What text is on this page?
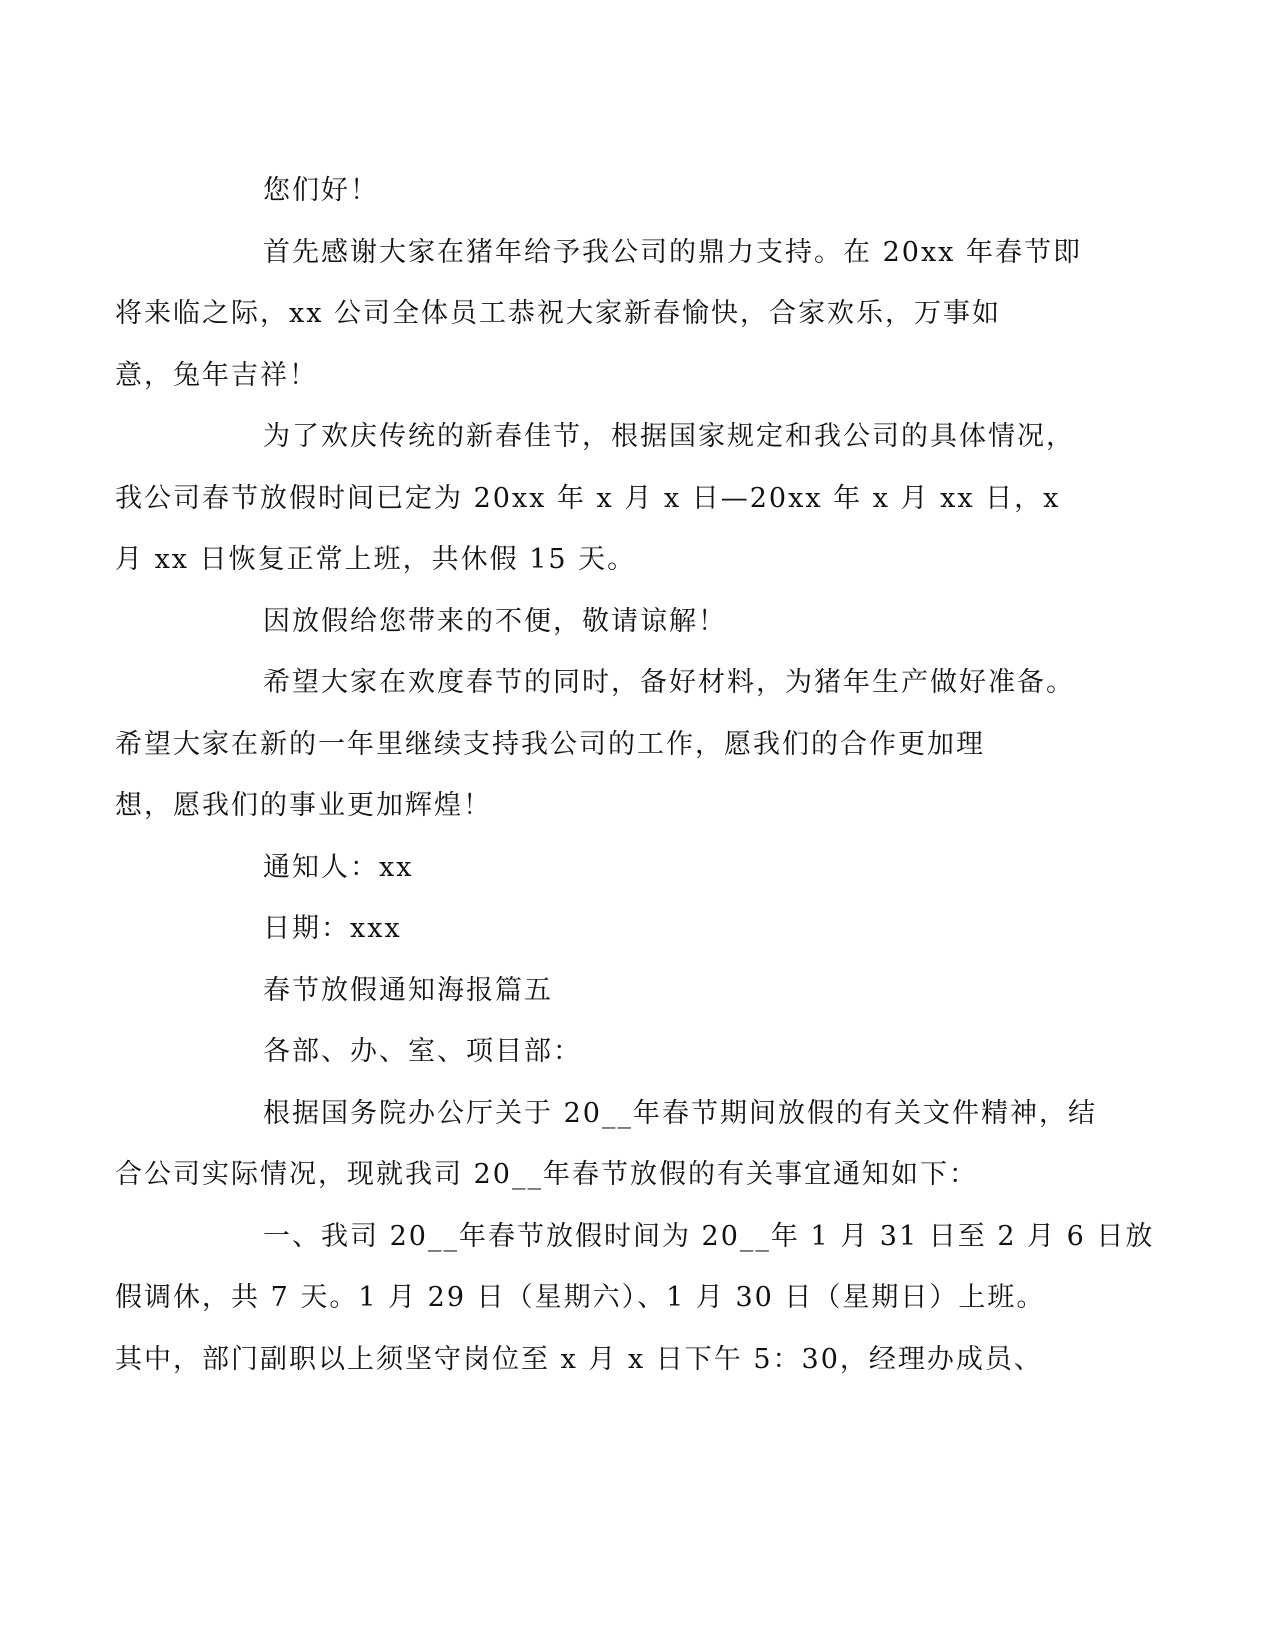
您们好！

首先感谢大家在猪年给予我公司的鼎力支持。在 20xx 年春节即
将来临之际，xx 公司全体员工恭祝大家新春愉快，合家欢乐，万事如
意，兔年吉祥！

为了欢庆传统的新春佳节，根据国家规定和我公司的具体情况，
我公司春节放假时间已定为 20xx 年 x 月 x 日—20xx 年 x 月 xx 日，x
月 xx 日恢复正常上班，共休假 15 天。

因放假给您带来的不便，敬请谅解！

希望大家在欢度春节的同时，备好材料，为猪年生产做好准备。
希望大家在新的一年里继续支持我公司的工作，愿我们的合作更加理
想，愿我们的事业更加辉煌！

通知人：xx

日期：xxx

春节放假通知海报篇五

各部、办、室、项目部：

根据国务院办公厅关于 20__年春节期间放假的有关文件精神，结
合公司实际情况，现就我司 20__年春节放假的有关事宜通知如下：

一、我司 20__年春节放假时间为 20__年 1 月 31 日至 2 月 6 日放
假调休，共 7 天。1 月 29 日（星期六）、1 月 30 日（星期日）上班。
其中，部门副职以上须坚守岗位至 x 月 x 日下午 5：30，经理办成员、
